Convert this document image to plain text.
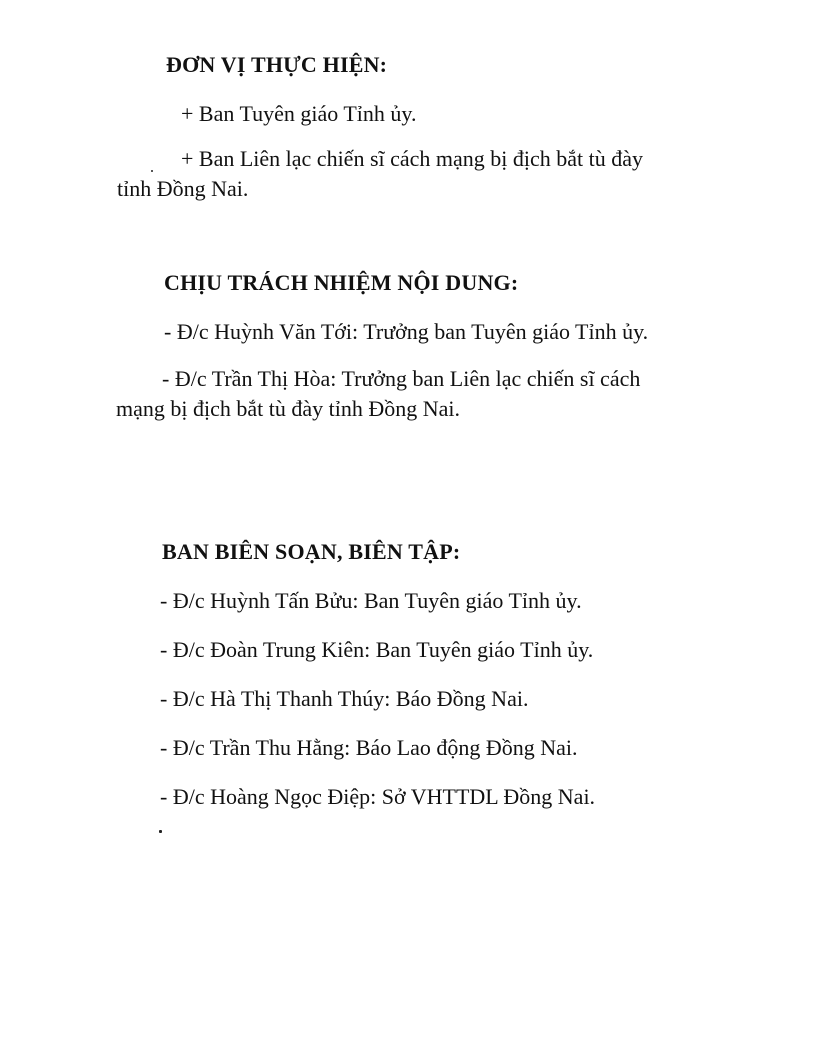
ĐƠN VỊ THỰC HIỆN:
+ Ban Tuyên giáo Tỉnh ủy.
+ Ban Liên lạc chiến sĩ cách mạng bị địch bắt tù đày
tỉnh Đồng Nai.
CHỊU TRÁCH NHIỆM NỘI DUNG:
- Đ/c Huỳnh Văn Tới: Trưởng ban Tuyên giáo Tỉnh ủy.
- Đ/c Trần Thị Hòa: Trưởng ban Liên lạc chiến sĩ cách
mạng bị địch bắt tù đày tỉnh Đồng Nai.
BAN BIÊN SOẠN, BIÊN TẬP:
- Đ/c Huỳnh Tấn Bửu: Ban Tuyên giáo Tỉnh ủy.
- Đ/c Đoàn Trung Kiên: Ban Tuyên giáo Tỉnh ủy.
- Đ/c Hà Thị Thanh Thúy: Báo Đồng Nai.
- Đ/c Trần Thu Hằng: Báo Lao động Đồng Nai.
- Đ/c Hoàng Ngọc Điệp: Sở VHTTDL Đồng Nai.
